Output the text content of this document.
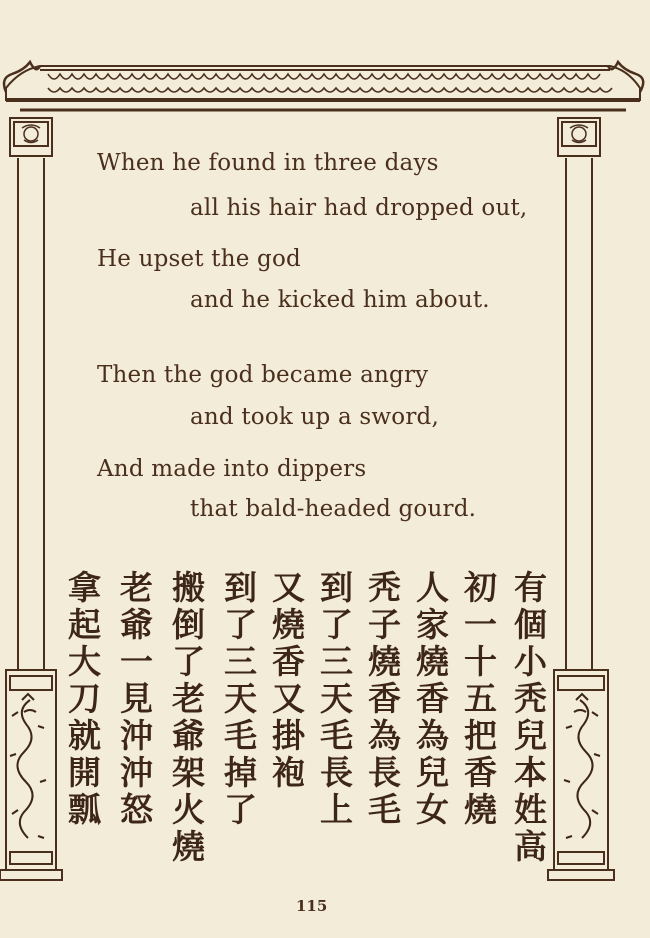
When he found in three days
all his hair had dropped out,
He upset the god
and he kicked him about.
Then the god became angry
and took up a sword,
And made into dippers
that bald-headed gourd.
有個小秃兒本姓高
初一十五把香燒
人家燒香為兒女
秃子燒香為長毛
到了三天毛長上
又燒香又掛袍
到了三天毛掉了
搬倒了老爺架火燒
老爺一見沖沖怒
拿起大刀就開瓢
115
